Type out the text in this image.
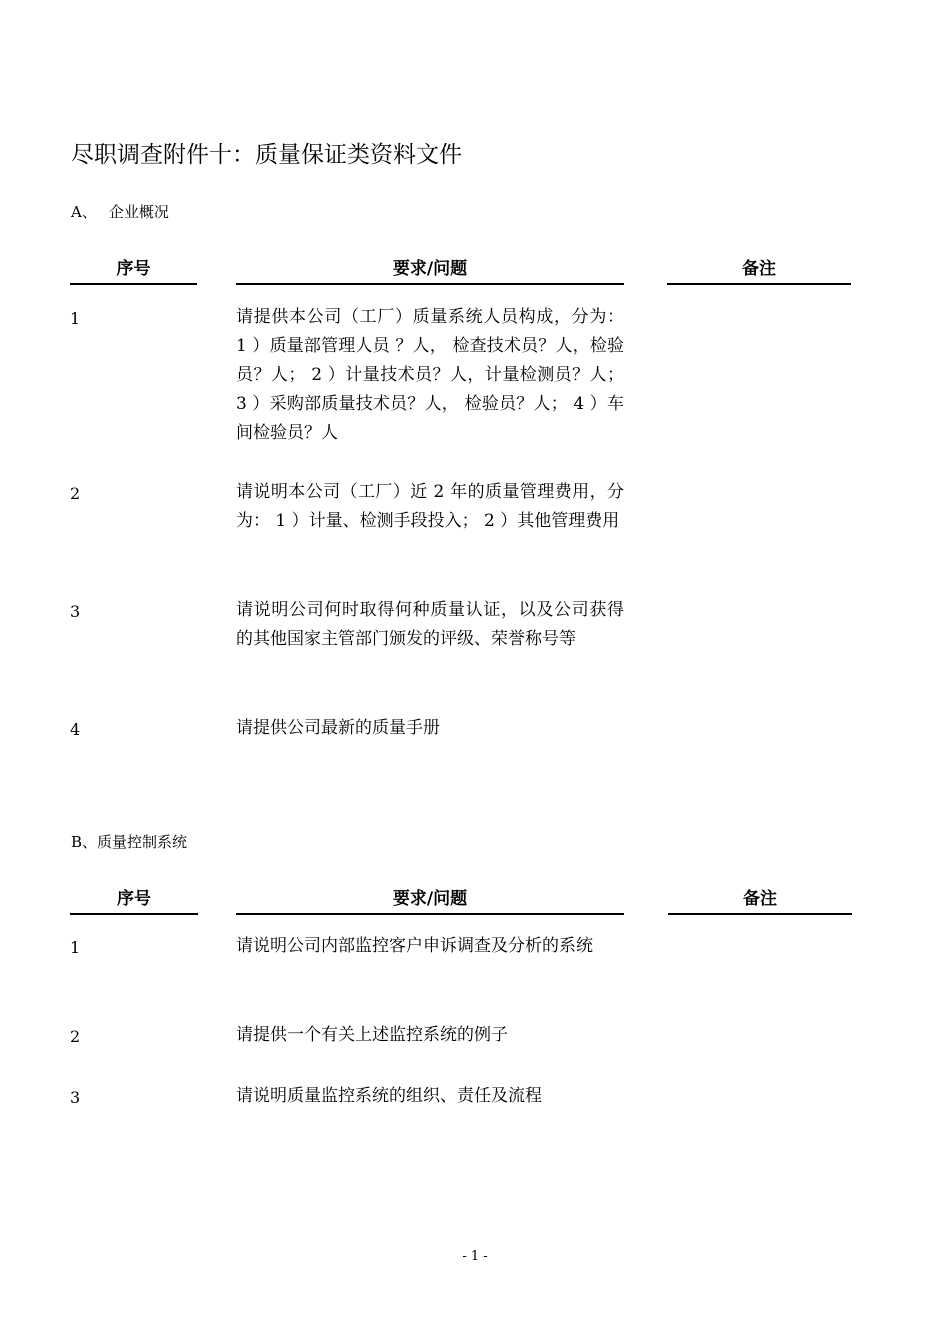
尽职调查附件十：质量保证类资料文件
A、 企业概况
序号	要求/问题	备注
1	请提供本公司（工厂）质量系统人员构成，分为： 1 ）质量部管理人员 ？人， 检查技术员？人，检验员？人； 2 ）计量技术员？人，计量检测员？人； 3 ）采购部质量技术员？人， 检验员？人； 4 ）车间检验员？人
2	请说明本公司（工厂）近 2 年的质量管理费用，分为： 1 ）计量、检测手段投入； 2 ）其他管理费用
3	请说明公司何时取得何种质量认证，以及公司获得的其他国家主管部门颁发的评级、荣誉称号等
4	请提供公司最新的质量手册
B、质量控制系统
序号	要求/问题	备注
1	请说明公司内部监控客户申诉调查及分析的系统
2	请提供一个有关上述监控系统的例子
3	请说明质量监控系统的组织、责任及流程
- 1 -
